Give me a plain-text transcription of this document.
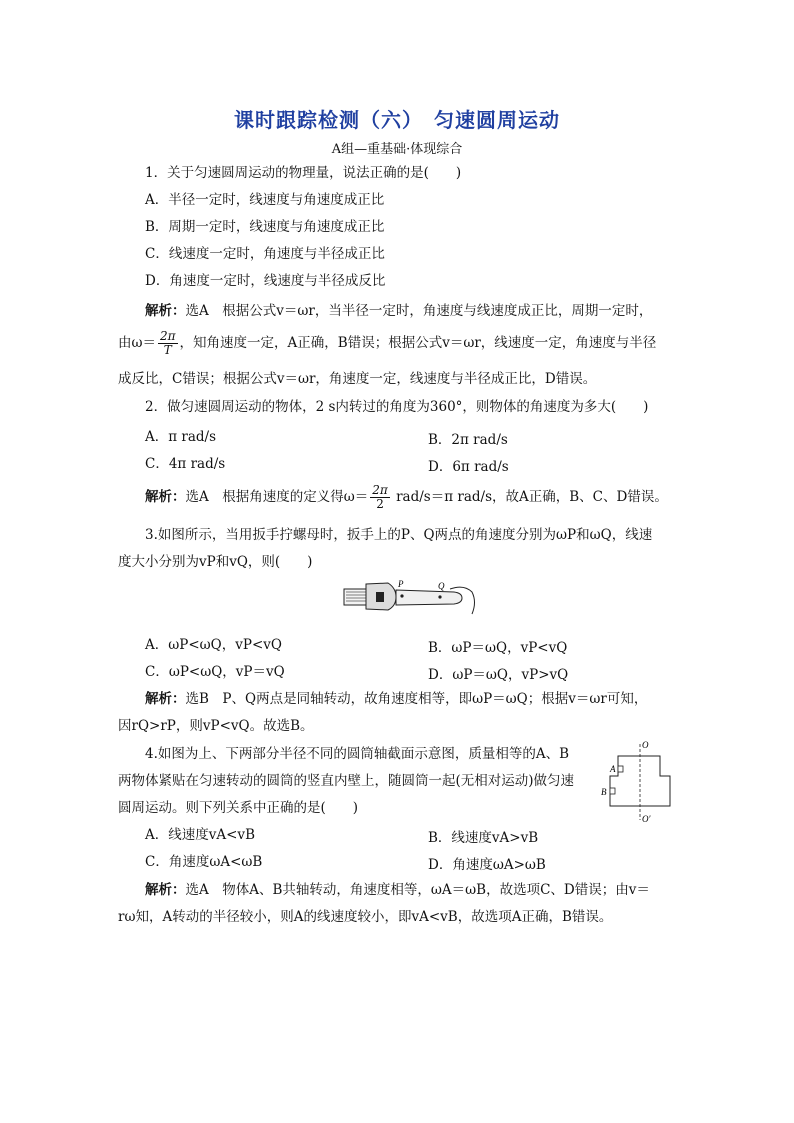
课时跟踪检测（六）　匀速圆周运动
A组—重基础·体现综合
1．关于匀速圆周运动的物理量，说法正确的是(　　)
A．半径一定时，线速度与角速度成正比
B．周期一定时，线速度与角速度成正比
C．线速度一定时，角速度与半径成正比
D．角速度一定时，线速度与半径成反比
解析：选A　根据公式v＝ωr，当半径一定时，角速度与线速度成正比，周期一定时，
由$\omega= \frac{2\pi}{T}$ ，知角速度一定，A正确，B错误；根据公式v＝ωr，线速度一定，角速度与半径
成反比，C错误；根据公式v＝ωr，角速度一定，线速度与半径成正比，D错误。
2．做匀速圆周运动的物体，2 s内转过的角度为360°，则物体的角速度为多大(　　)
A．π rad/s	B．2π rad/s
C．4π rad/s	D．6π rad/s
解析：选A　根据角速度的定义得$\omega= \frac{2\pi}{2} rad/s=\pi$ rad/s，故A正确，B、C、D错误。
3.如图所示，当用扳手拧螺母时，扳手上的P、Q两点的角速度分别为ωP和ωQ，线速
度大小分别为vP和vQ，则(　　)
P	Q
A．ωP<ωQ，vP<vQ	B．ωP＝ωQ，vP<vQ
C．ωP<ωQ，vP＝vQ	D．ωP＝ωQ，vP>vQ
解析：选B　P、Q两点是同轴转动，故角速度相等，即ωP＝ωQ；根据v＝ωr可知，
因rQ>rP，则vP<vQ。故选B。
4.如图为上、下两部分半径不同的圆筒轴截面示意图，质量相等的A、B
两物体紧贴在匀速转动的圆筒的竖直内壁上，随圆筒一起(无相对运动)做匀速
圆周运动。则下列关系中正确的是(　　)
O
O′
A
B
A．线速度vA<vB	B．线速度vA>vB
C．角速度ωA<ωB	D．角速度ωA>ωB
解析：选A　物体A、B共轴转动，角速度相等，ωA＝ωB，故选项C、D错误；由v＝
rω知，A转动的半径较小，则A的线速度较小，即vA<vB，故选项A正确，B错误。
